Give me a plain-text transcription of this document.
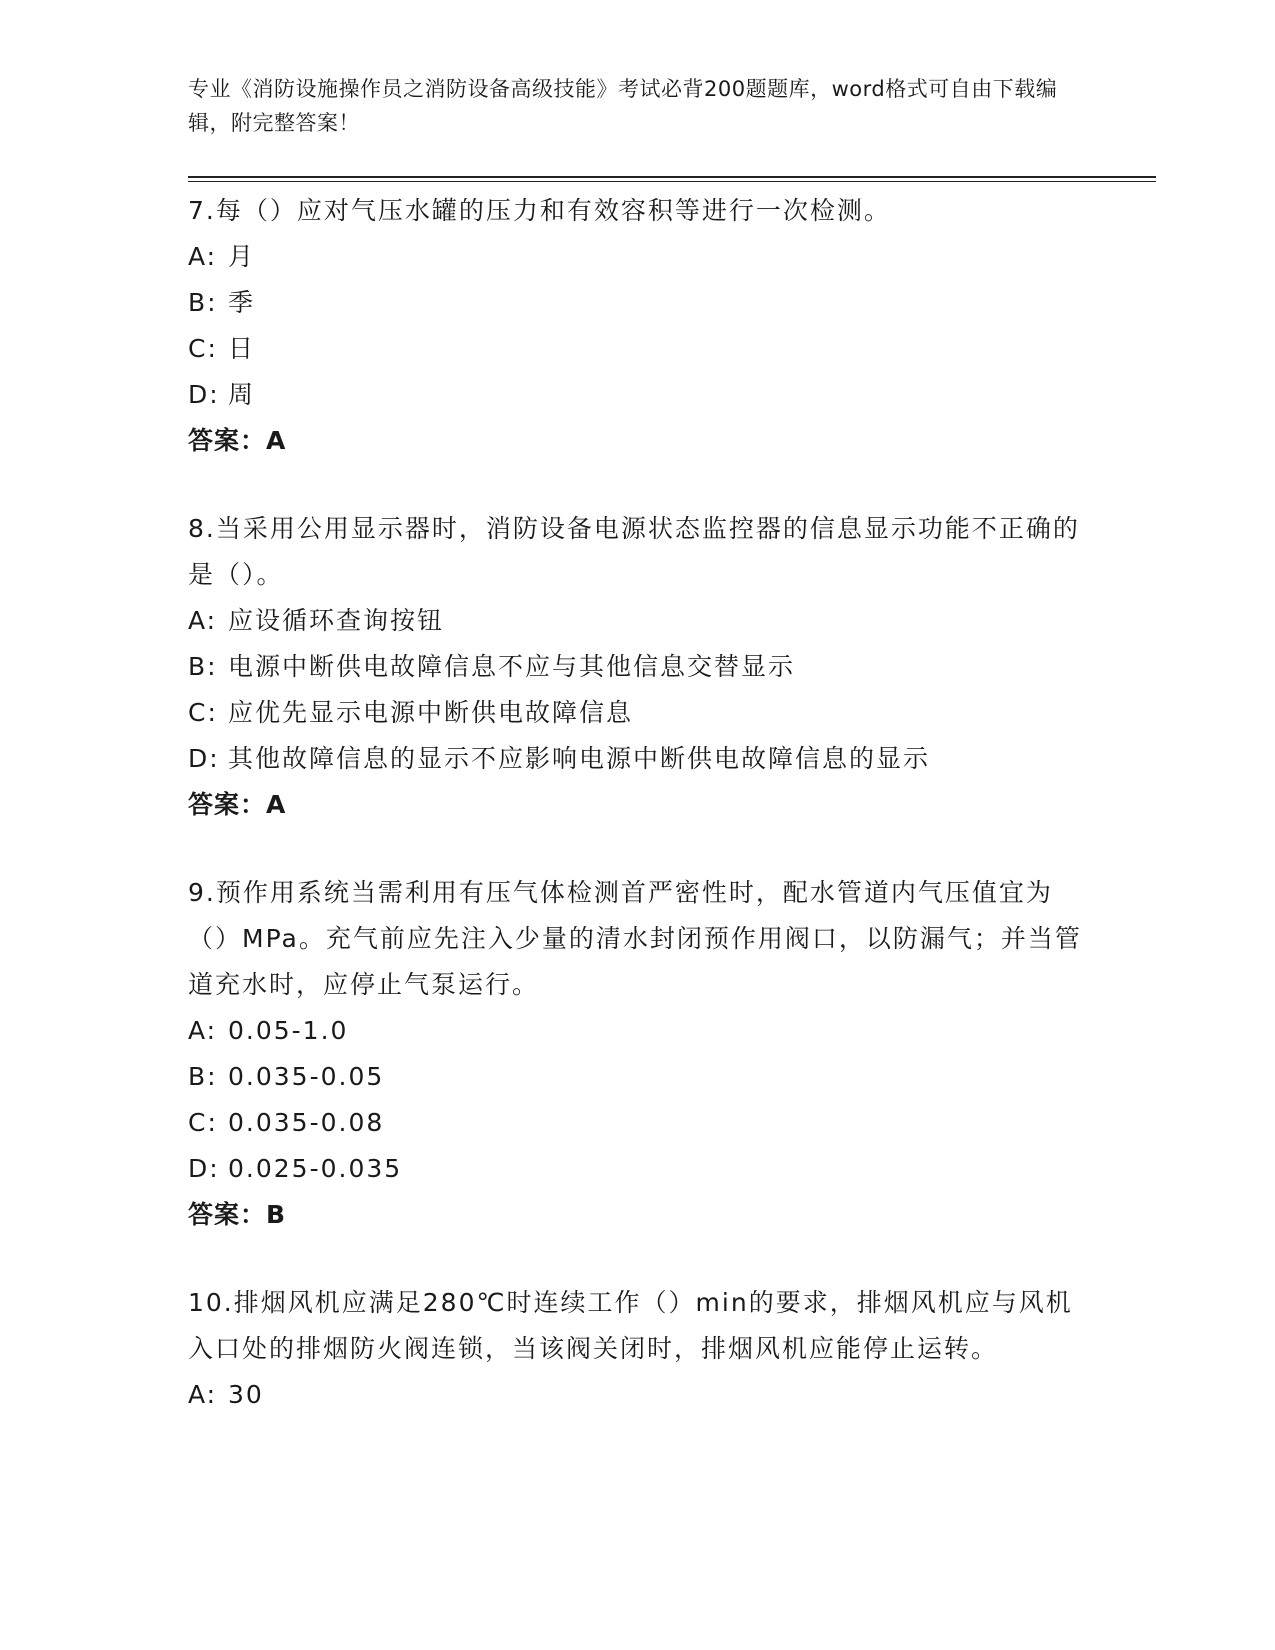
专业《消防设施操作员之消防设备高级技能》考试必背200题题库，word格式可自由下载编辑，附完整答案！

7.每（）应对气压水罐的压力和有效容积等进行一次检测。

A: 月

B: 季

C: 日

D: 周

答案：A

8.当采用公用显示器时，消防设备电源状态监控器的信息显示功能不正确的是（）。

A: 应设循环查询按钮

B: 电源中断供电故障信息不应与其他信息交替显示

C: 应优先显示电源中断供电故障信息

D: 其他故障信息的显示不应影响电源中断供电故障信息的显示

答案：A

9.预作用系统当需利用有压气体检测首严密性时，配水管道内气压值宜为（）MPa。充气前应先注入少量的清水封闭预作用阀口，以防漏气；并当管道充水时，应停止气泵运行。

A: 0.05-1.0

B: 0.035-0.05

C: 0.035-0.08

D: 0.025-0.035

答案：B

10.排烟风机应满足280℃时连续工作（）min的要求，排烟风机应与风机入口处的排烟防火阀连锁，当该阀关闭时，排烟风机应能停止运转。

A: 30
